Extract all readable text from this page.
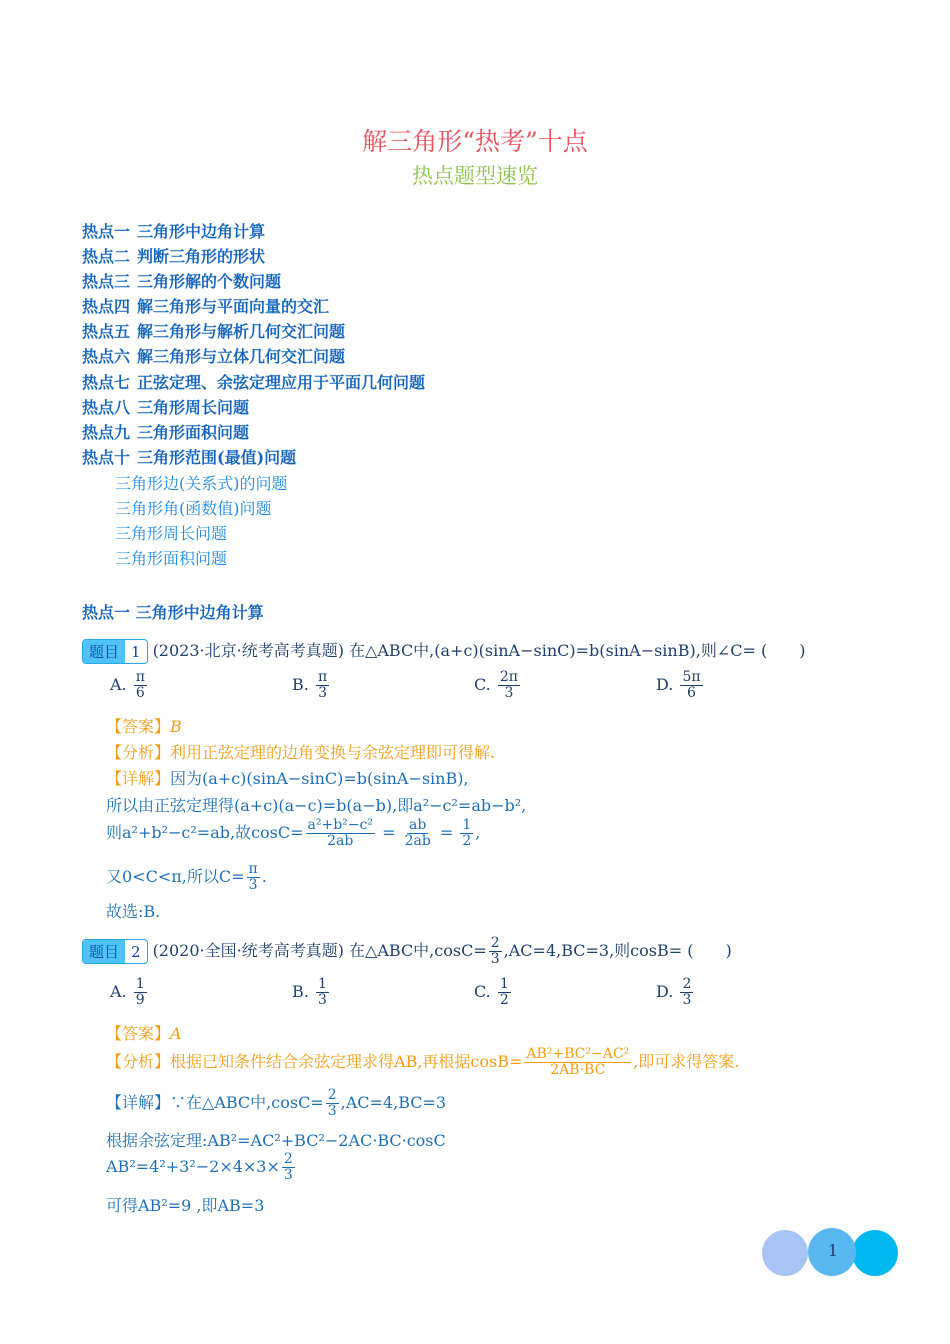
解三角形“热考”十点
热点题型速览
热点一 三角形中边角计算
热点二 判断三角形的形状
热点三 三角形解的个数问题
热点四 解三角形与平面向量的交汇
热点五 解三角形与解析几何交汇问题
热点六 解三角形与立体几何交汇问题
热点七 正弦定理、余弦定理应用于平面几何问题
热点八 三角形周长问题
热点九 三角形面积问题
热点十 三角形范围(最值)问题
三角形边(关系式)的问题
三角形角(函数值)问题
三角形周长问题
三角形面积问题
热点一 三角形中边角计算
题目 1 (2023·北京·统考高考真题) 在△ABC中,(a+c)(sinA−sinC)=b(sinA−sinB),则∠C= (　　)
A. $\frac{\pi}{6}$	B. $\frac{\pi}{3}$	C. $\frac{2\pi}{3}$	D. $\frac{5\pi}{6}$
【答案】B
【分析】利用正弦定理的边角变换与余弦定理即可得解.
【详解】因为(a+c)(sinA−sinC)=b(sinA−sinB),
所以由正弦定理得(a+c)(a−c)=b(a−b),即a²−c²=ab−b²,
则a²+b²−c²=ab,故$\cos C= \frac{\text{a²+b²−c²}}{2ab} = \frac{ab}{2ab} = \frac{1}{2}$ ,
又0<C<π,所以$C= \frac{\pi}{3}$ .
故选:B.
题目 2 (2020·全国·统考高考真题) 在△ABC中$,\cos C= \frac{2}{3} ,AC=4,BC=3$,则cosB= (　　)
A. $\frac{1}{9}$	B. $\frac{1}{3}$	C. $\frac{1}{2}$	D. $\frac{2}{3}$
【答案】A
【分析】根据已知条件结合余弦定理求得AB,再根据$\cos B= \frac{\text{AB²+BC²−AC²}}{2AB\cdot BC}$ ,即可求得答案.
【详解】∵在△ABC中$,\cos C= \frac{2}{3} ,AC=4,BC=3$
根据余弦定理:AB²=AC²+BC²−2AC·BC·cosC
$AB^2=4^2+3^2-2\times 4\times 3\times \frac{2}{3}$
可得AB²=9 ,即AB=3
1
